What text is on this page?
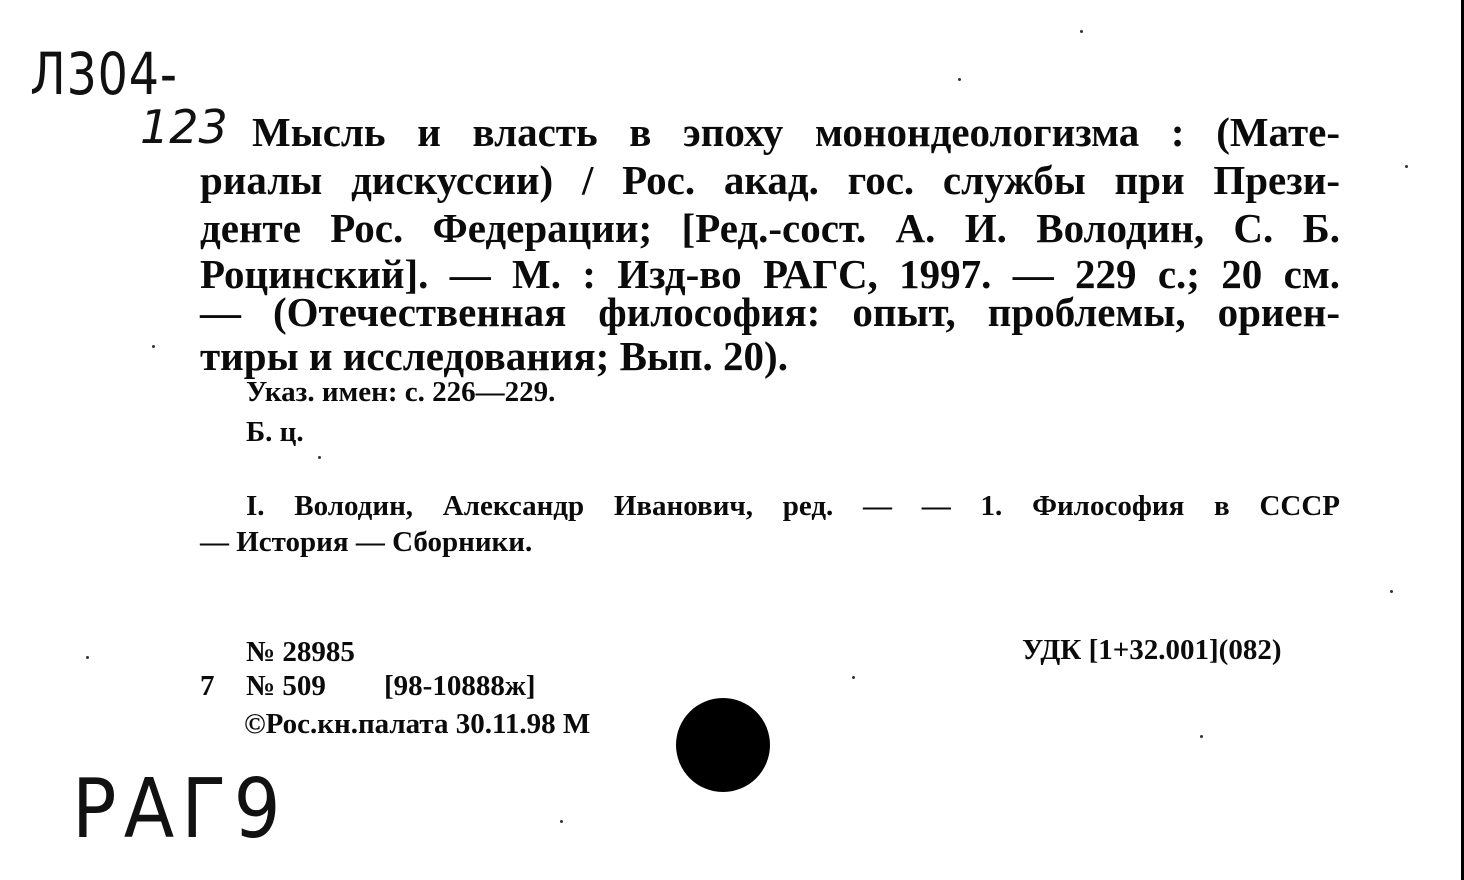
Л304-
123 Мысль и власть в эпоху монондеологизма : (Мате-
риалы дискуссии) / Рос. акад. гос. службы при Прези-
денте Рос. Федерации; [Ред.-сост. А. И. Володин, С. Б.
Роцинский]. — М. : Изд-во РАГС, 1997. — 229 с.; 20 см.
— (Отечественная философия: опыт, проблемы, ориен-
тиры и исследования; Вып. 20).
Указ. имен: с. 226—229.
Б. ц.
I. Володин, Александр Иванович, ред. — — 1. Философия в СССР
— История — Сборники.
№ 28985
7 № 509 [98-10888ж]
©Рос.кн.палата 30.11.98 М
УДК [1+32.001](082)
РАГ9
